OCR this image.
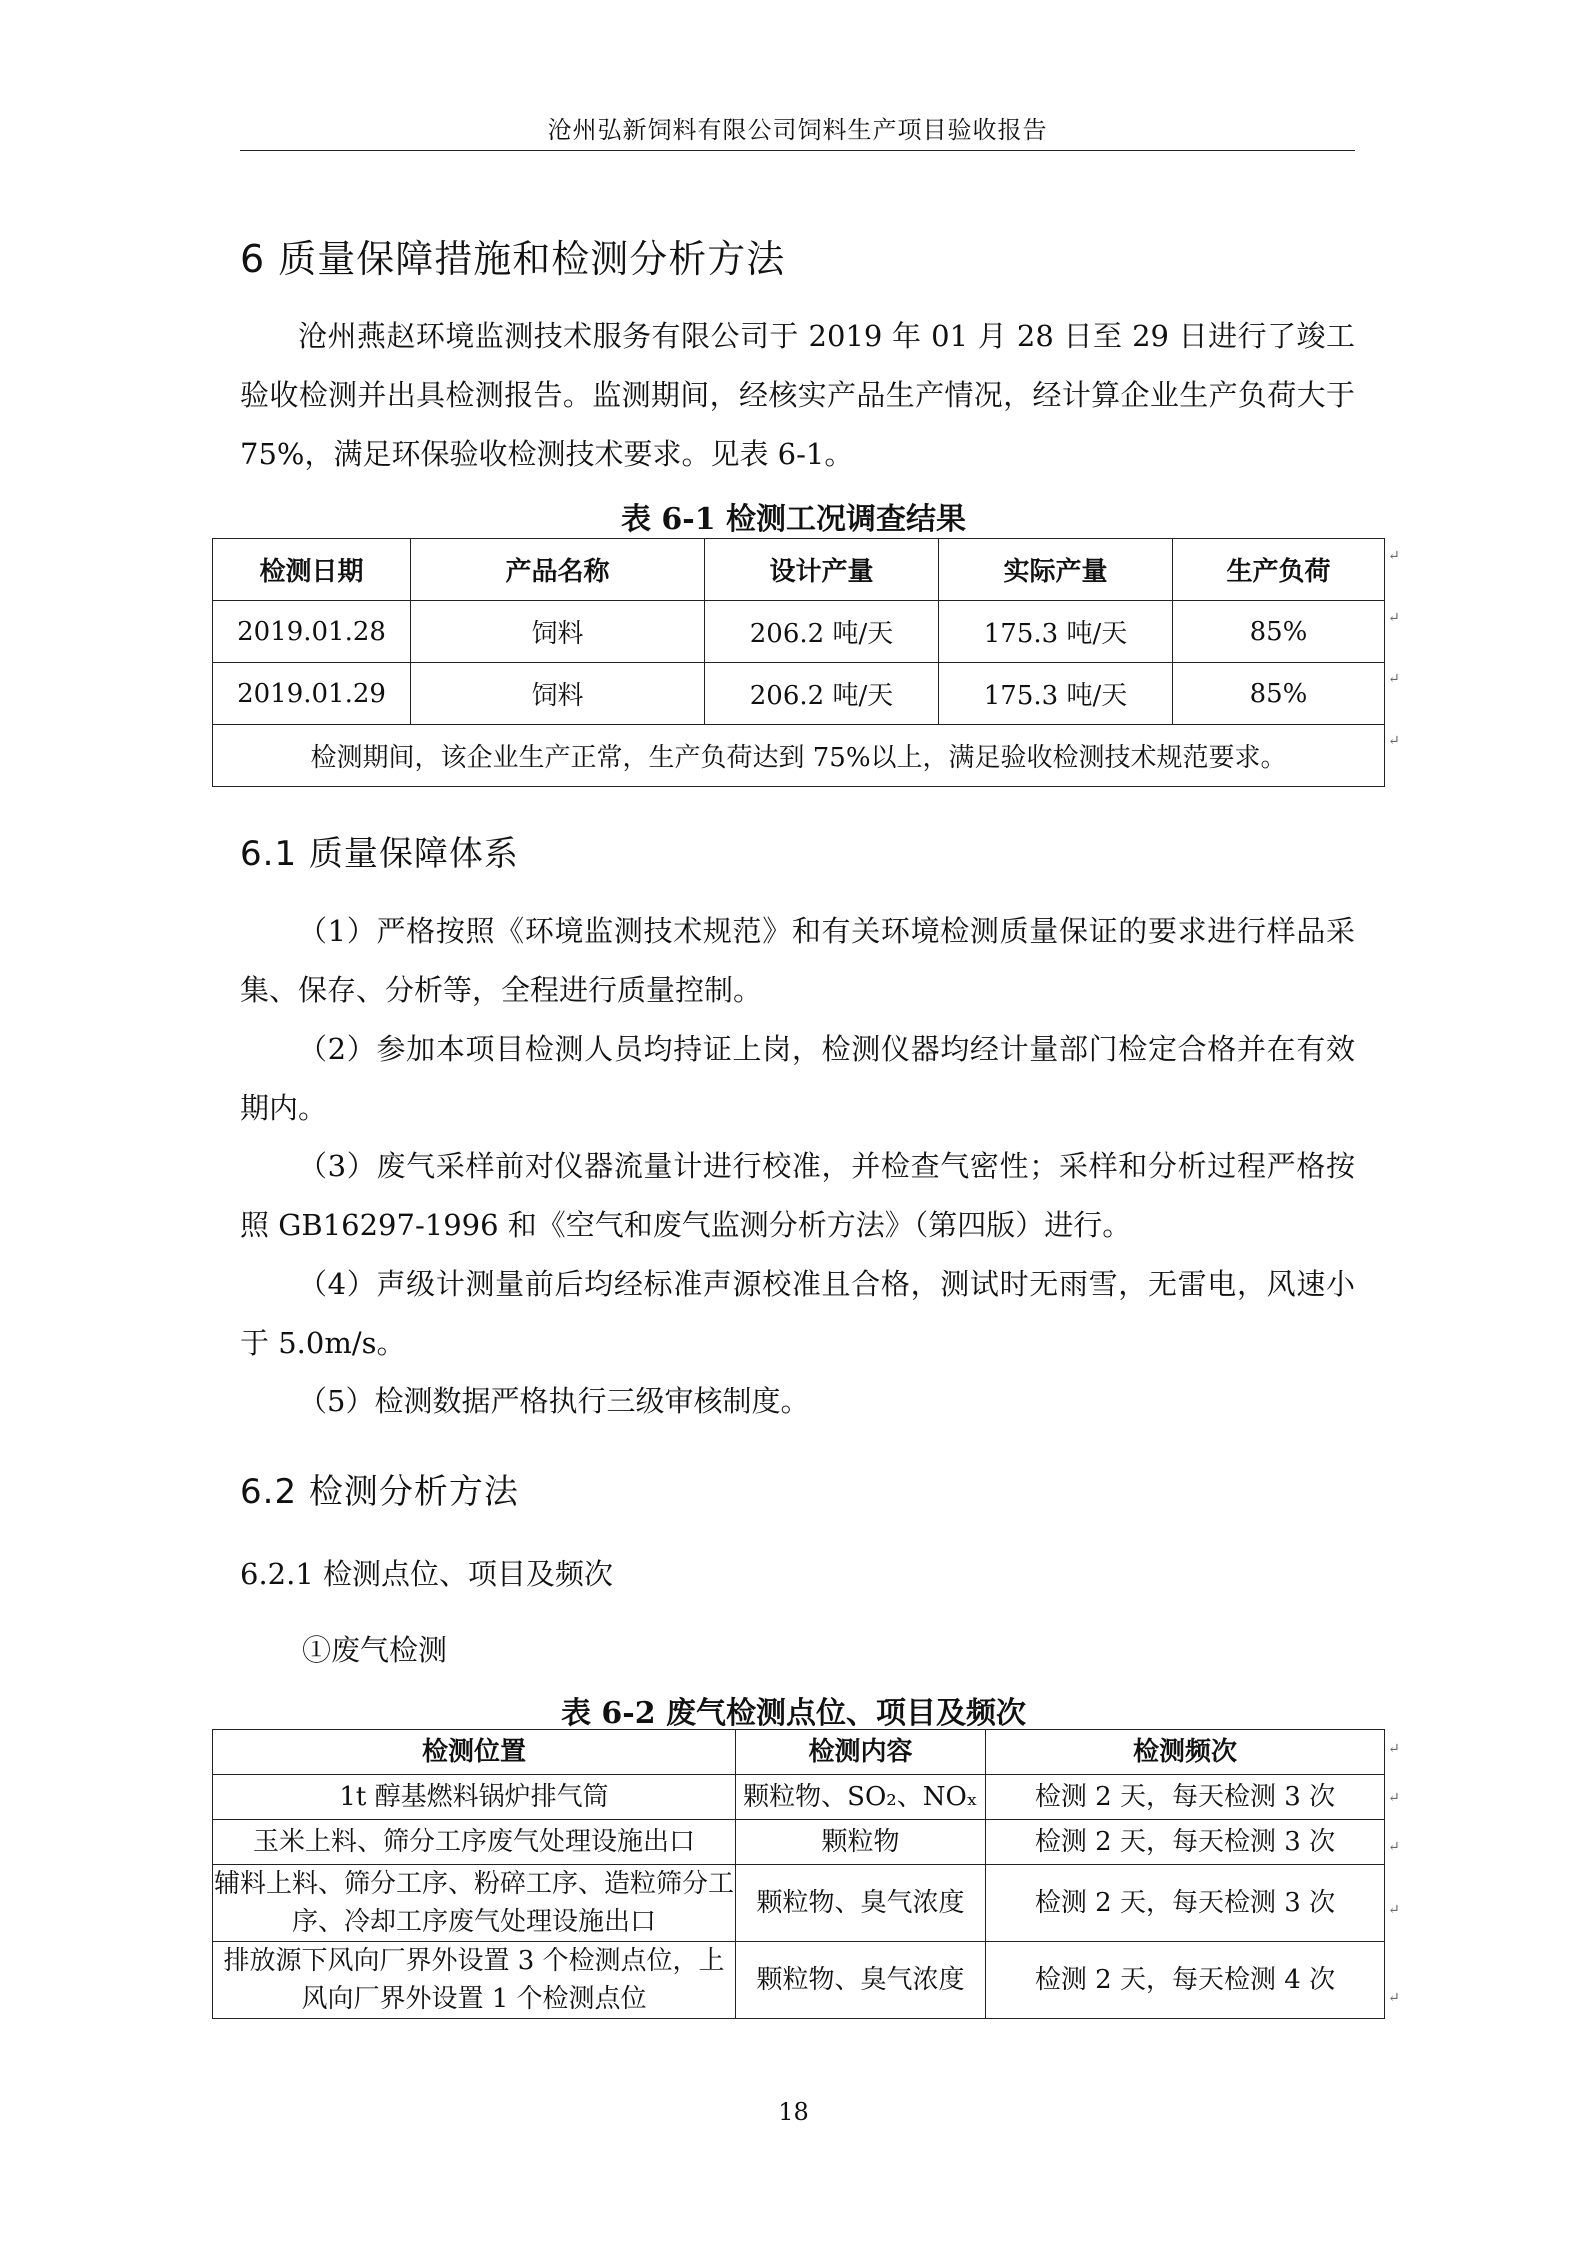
沧州弘新饲料有限公司饲料生产项目验收报告
6 质量保障措施和检测分析方法
沧州燕赵环境监测技术服务有限公司于 2019 年 01 月 28 日至 29 日进行了竣工验收检测并出具检测报告。监测期间，经核实产品生产情况，经计算企业生产负荷大于 75%，满足环保验收检测技术要求。见表 6-1。
表 6-1 检测工况调查结果
检测日期	产品名称	设计产量	实际产量	生产负荷
2019.01.28	饲料	206.2 吨/天	175.3 吨/天	85%
2019.01.29	饲料	206.2 吨/天	175.3 吨/天	85%
检测期间，该企业生产正常，生产负荷达到 75%以上，满足验收检测技术规范要求。				
6.1 质量保障体系
（1）严格按照《环境监测技术规范》和有关环境检测质量保证的要求进行样品采集、保存、分析等，全程进行质量控制。
（2）参加本项目检测人员均持证上岗，检测仪器均经计量部门检定合格并在有效期内。
（3）废气采样前对仪器流量计进行校准，并检查气密性；采样和分析过程严格按照 GB16297-1996 和《空气和废气监测分析方法》（第四版）进行。
（4）声级计测量前后均经标准声源校准且合格，测试时无雨雪，无雷电，风速小于 5.0m/s。
（5）检测数据严格执行三级审核制度。
6.2 检测分析方法
6.2.1 检测点位、项目及频次
①废气检测
表 6-2 废气检测点位、项目及频次
检测位置	检测内容	检测频次
1t 醇基燃料锅炉排气筒	颗粒物、SO₂、NOₓ	检测 2 天，每天检测 3 次
玉米上料、筛分工序废气处理设施出口	颗粒物	检测 2 天，每天检测 3 次
辅料上料、筛分工序、粉碎工序、造粒筛分工序、冷却工序废气处理设施出口	颗粒物、臭气浓度	检测 2 天，每天检测 3 次
排放源下风向厂界外设置 3 个检测点位，上风向厂界外设置 1 个检测点位	颗粒物、臭气浓度	检测 2 天，每天检测 4 次
↵
↵
↵
↵
↵
↵
↵
↵
↵
18
